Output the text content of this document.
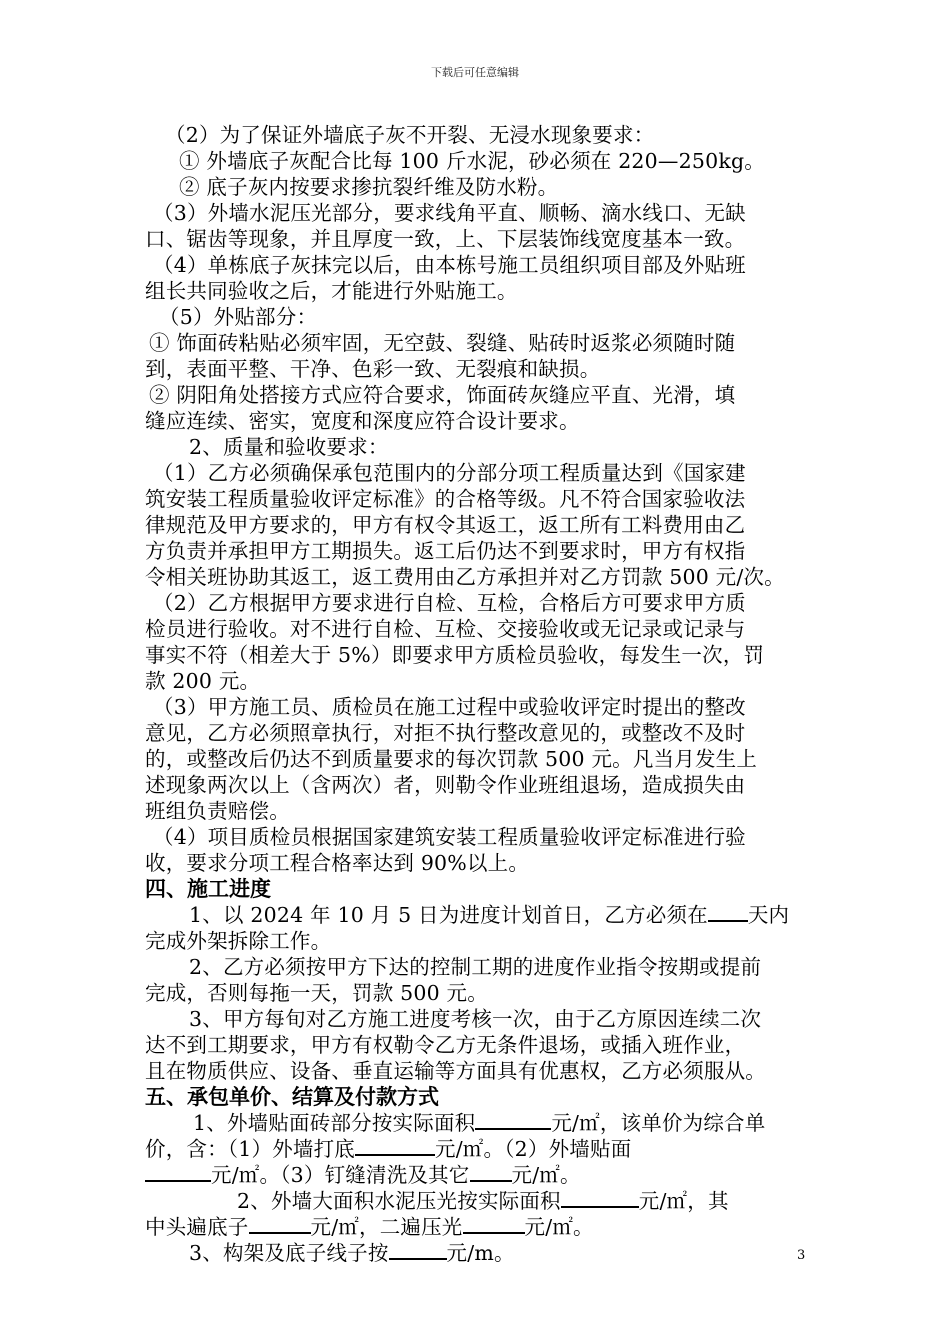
下载后可任意编辑
（2）为了保证外墙底子灰不开裂、无浸水现象要求：
① 外墙底子灰配合比每 100 斤水泥，砂必须在 220—250kg。
② 底子灰内按要求掺抗裂纤维及防水粉。
（3）外墙水泥压光部分，要求线角平直、顺畅、滴水线口、无缺
口、锯齿等现象，并且厚度一致，上、下层装饰线宽度基本一致。
（4）单栋底子灰抹完以后，由本栋号施工员组织项目部及外贴班
组长共同验收之后，才能进行外贴施工。
（5）外贴部分：
① 饰面砖粘贴必须牢固，无空鼓、裂缝、贴砖时返浆必须随时随
到，表面平整、干净、色彩一致、无裂痕和缺损。
② 阴阳角处搭接方式应符合要求，饰面砖灰缝应平直、光滑，填
缝应连续、密实，宽度和深度应符合设计要求。
2、质量和验收要求：
（1）乙方必须确保承包范围内的分部分项工程质量达到《国家建
筑安装工程质量验收评定标准》的合格等级。凡不符合国家验收法
律规范及甲方要求的，甲方有权令其返工，返工所有工料费用由乙
方负责并承担甲方工期损失。返工后仍达不到要求时，甲方有权指
令相关班协助其返工，返工费用由乙方承担并对乙方罚款 500 元/次。
（2）乙方根据甲方要求进行自检、互检，合格后方可要求甲方质
检员进行验收。对不进行自检、互检、交接验收或无记录或记录与
事实不符（相差大于 5%）即要求甲方质检员验收，每发生一次，罚
款 200 元。
（3）甲方施工员、质检员在施工过程中或验收评定时提出的整改
意见，乙方必须照章执行，对拒不执行整改意见的，或整改不及时
的，或整改后仍达不到质量要求的每次罚款 500 元。凡当月发生上
述现象两次以上（含两次）者，则勒令作业班组退场，造成损失由
班组负责赔偿。
（4）项目质检员根据国家建筑安装工程质量验收评定标准进行验
收，要求分项工程合格率达到 90%以上。
四、施工进度
1、以 2024 年 10 月 5 日为进度计划首日，乙方必须在 天内
完成外架拆除工作。
2、乙方必须按甲方下达的控制工期的进度作业指令按期或提前
完成，否则每拖一天，罚款 500 元。
3、甲方每旬对乙方施工进度考核一次，由于乙方原因连续二次
达不到工期要求，甲方有权勒令乙方无条件退场，或插入班作业，
且在物质供应、设备、垂直运输等方面具有优惠权，乙方必须服从。
五、承包单价、结算及付款方式
1、外墙贴面砖部分按实际面积	元/㎡，该单价为综合单
价，含：（1）外墙打底	元/㎡。（2）外墙贴面
元/㎡。（3）钉缝清洗及其它 元/㎡。
2、外墙大面积水泥压光按实际面积	元/㎡，其
中头遍底子	元/㎡，二遍压光	元/㎡。
3、构架及底子线子按	元/m。	3
